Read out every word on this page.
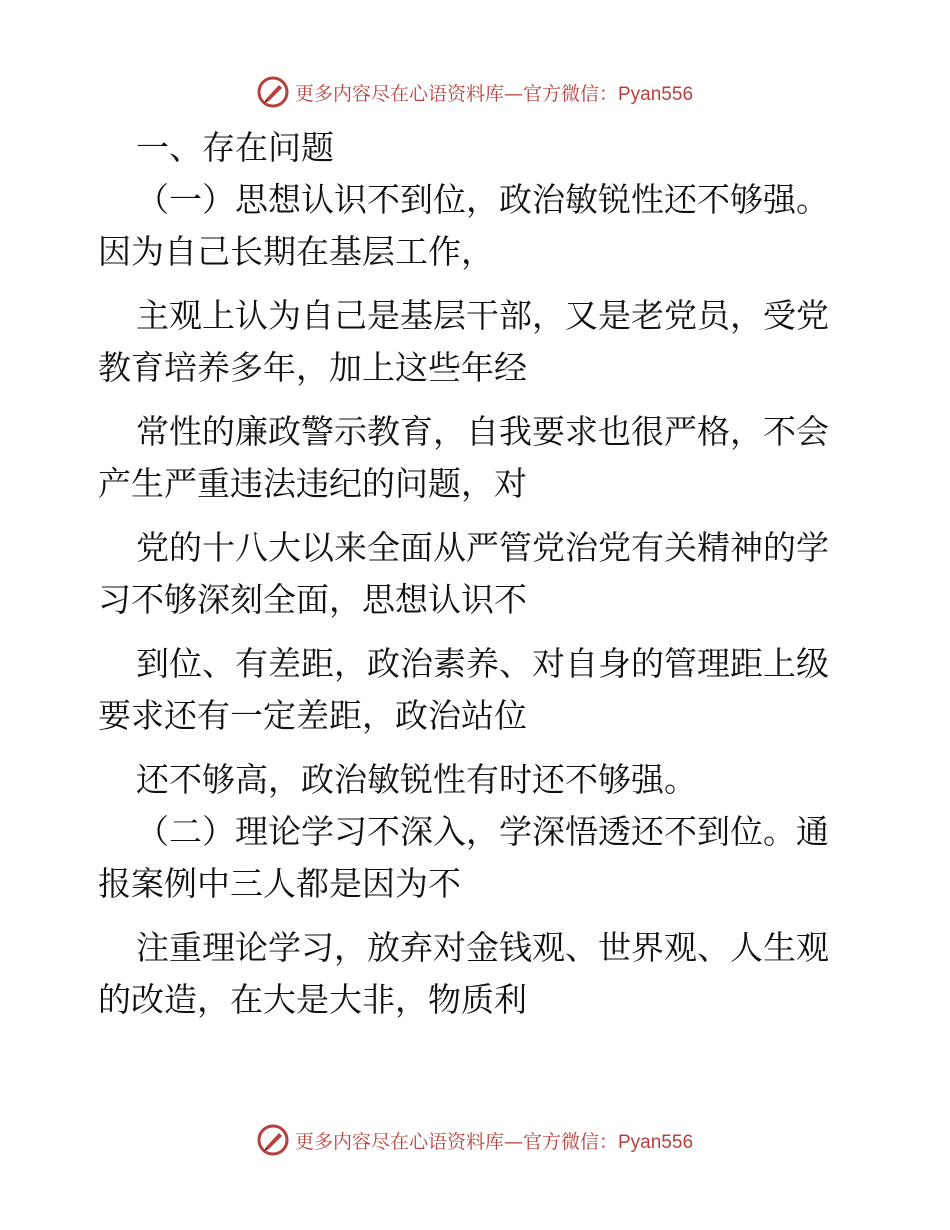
更多内容尽在心语资料库—官方微信：Pyan556
一、存在问题
（一）思想认识不到位，政治敏锐性还不够强。
因为自己长期在基层工作，
主观上认为自己是基层干部，又是老党员，受党
教育培养多年，加上这些年经
常性的廉政警示教育，自我要求也很严格，不会
产生严重违法违纪的问题，对
党的十八大以来全面从严管党治党有关精神的学
习不够深刻全面，思想认识不
到位、有差距，政治素养、对自身的管理距上级
要求还有一定差距，政治站位
还不够高，政治敏锐性有时还不够强。
（二）理论学习不深入，学深悟透还不到位。通
报案例中三人都是因为不
注重理论学习，放弃对金钱观、世界观、人生观
的改造，在大是大非，物质利
更多内容尽在心语资料库—官方微信：Pyan556
